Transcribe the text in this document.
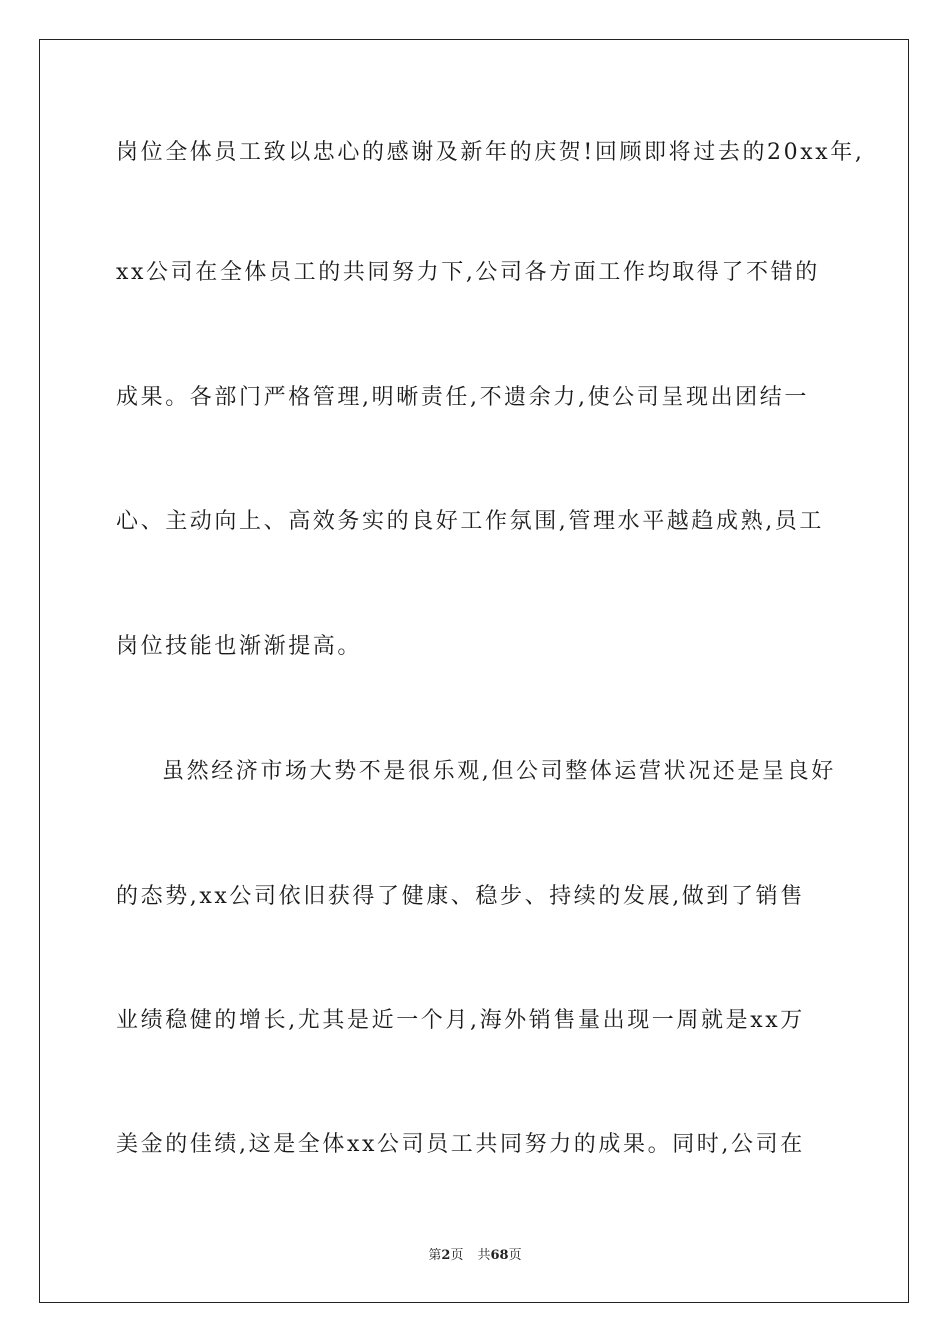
岗位全体员工致以忠心的感谢及新年的庆贺!回顾即将过去的20xx年,
xx公司在全体员工的共同努力下,公司各方面工作均取得了不错的
成果。各部门严格管理,明晰责任,不遗余力,使公司呈现出团结一
心、主动向上、高效务实的良好工作氛围,管理水平越趋成熟,员工
岗位技能也渐渐提高。
虽然经济市场大势不是很乐观,但公司整体运营状况还是呈良好
的态势,xx公司依旧获得了健康、稳步、持续的发展,做到了销售
业绩稳健的增长,尤其是近一个月,海外销售量出现一周就是xx万
美金的佳绩,这是全体xx公司员工共同努力的成果。同时,公司在
第2页 共68页
